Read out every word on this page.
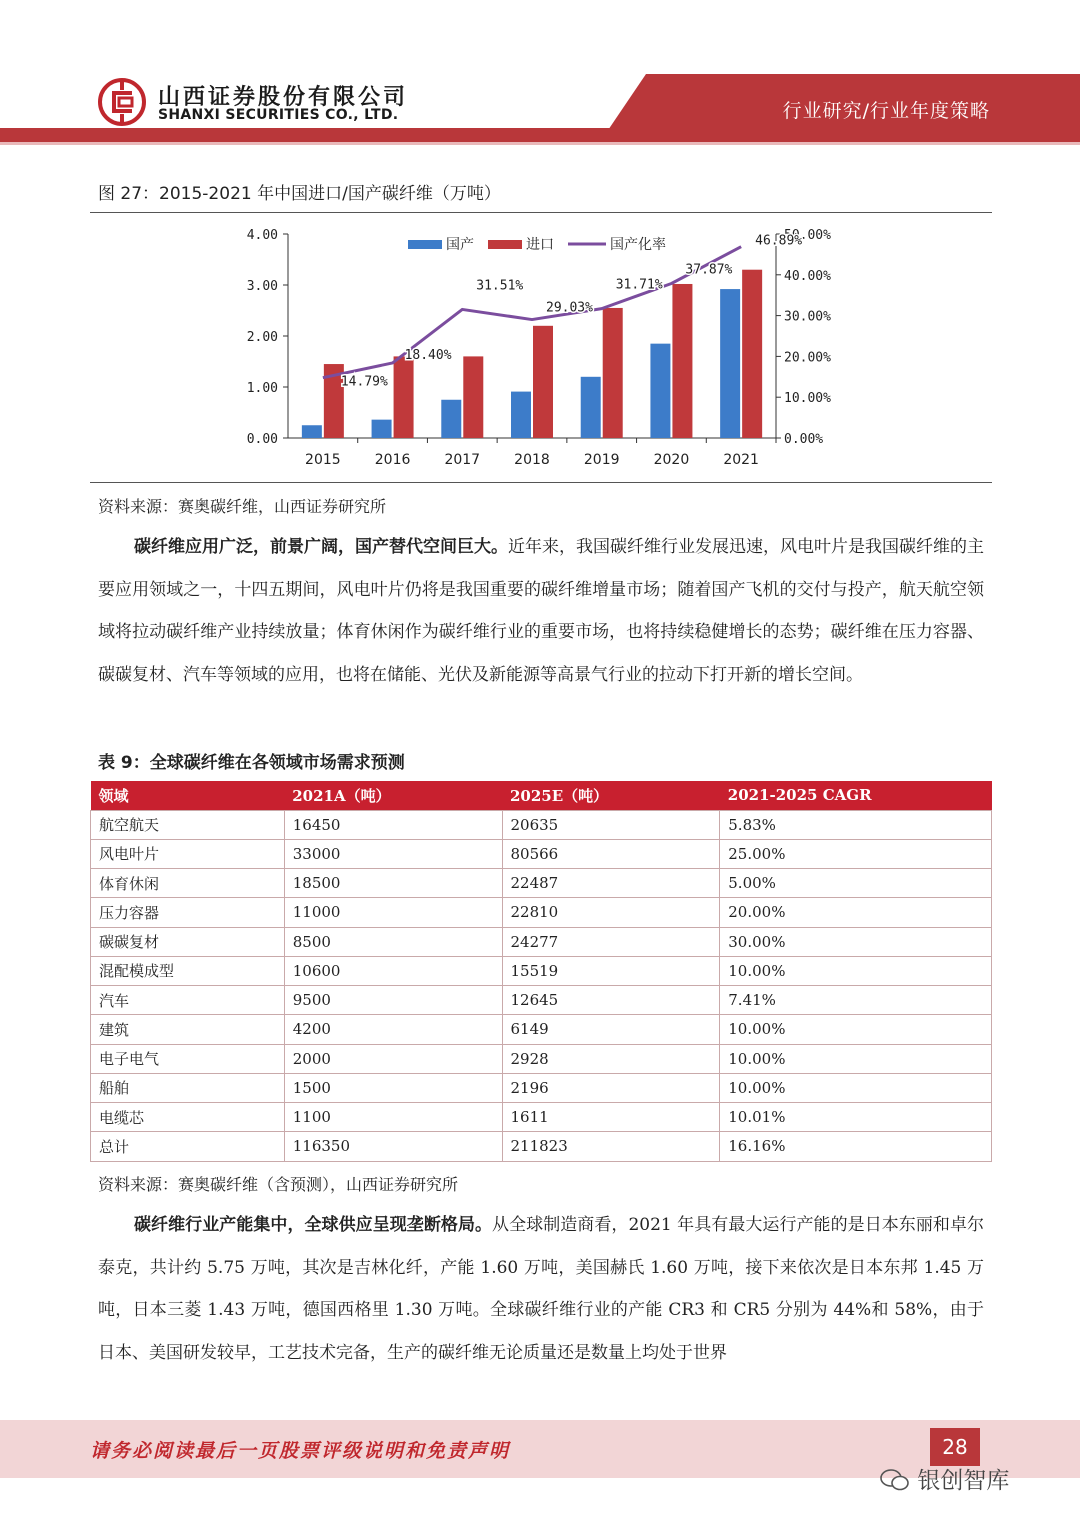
山西证券股份有限公司
SHANXI SECURITIES CO., LTD.	行业研究/行业年度策略
图 27：2015-2021 年中国进口/国产碳纤维（万吨）
0.00
1.00
2.00
3.00
4.00
0.00%
10.00%
20.00%
30.00%
40.00%
50.00%
2015 2016 2017 2018 2019 2020 2021
14.79%
18.40%
31.51%
29.03%
31.71%
37.87%
46.89%
国产	进口	国产化率
资料来源：赛奥碳纤维，山西证券研究所
碳纤维应用广泛，前景广阔，国产替代空间巨大。近年来，我国碳纤维行业发展迅速，风电叶片是我国碳纤维的主要应用领域之一，十四五期间，风电叶片仍将是我国重要的碳纤维增量市场；随着国产飞机的交付与投产，航天航空领域将拉动碳纤维产业持续放量；体育休闲作为碳纤维行业的重要市场，也将持续稳健增长的态势；碳纤维在压力容器、碳碳复材、汽车等领域的应用，也将在储能、光伏及新能源等高景气行业的拉动下打开新的增长空间。
表 9：全球碳纤维在各领域市场需求预测
领域	2021A（吨）	2025E（吨）	2021-2025 CAGR
航空航天	16450	20635	5.83%
风电叶片	33000	80566	25.00%
体育休闲	18500	22487	5.00%
压力容器	11000	22810	20.00%
碳碳复材	8500	24277	30.00%
混配模成型	10600	15519	10.00%
汽车	9500	12645	7.41%
建筑	4200	6149	10.00%
电子电气	2000	2928	10.00%
船舶	1500	2196	10.00%
电缆芯	1100	1611	10.01%
总计	116350	211823	16.16%
资料来源：赛奥碳纤维（含预测），山西证券研究所
碳纤维行业产能集中，全球供应呈现垄断格局。从全球制造商看，2021 年具有最大运行产能的是日本东丽和卓尔泰克，共计约 5.75 万吨，其次是吉林化纤，产能 1.60 万吨，美国赫氏 1.60 万吨，接下来依次是日本东邦 1.45 万吨，日本三菱 1.43 万吨，德国西格里 1.30 万吨。全球碳纤维行业的产能 CR3 和 CR5 分别为 44%和 58%，由于日本、美国研发较早，工艺技术完备，生产的碳纤维无论质量还是数量上均处于世界
请务必阅读最后一页股票评级说明和免责声明	28
银创智库
